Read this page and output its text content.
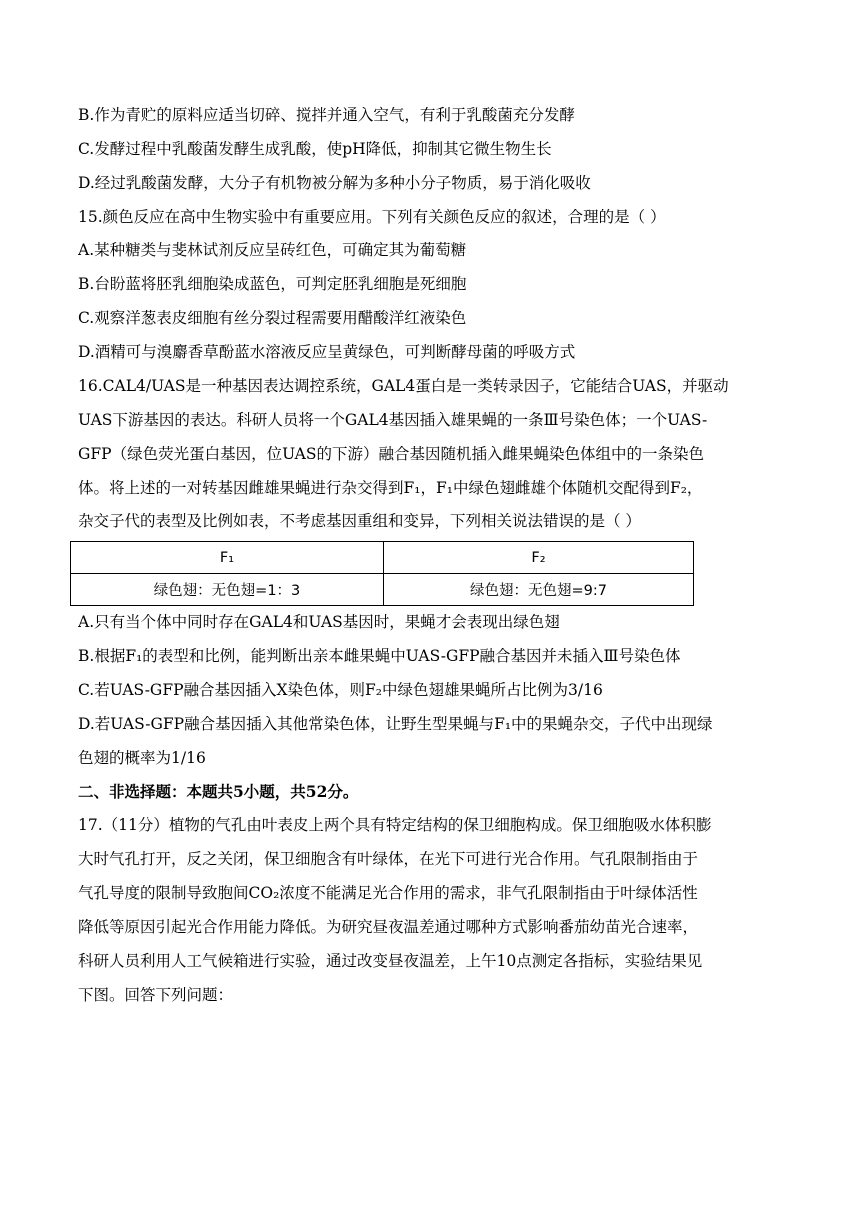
B.作为青贮的原料应适当切碎、搅拌并通入空气，有利于乳酸菌充分发酵
C.发酵过程中乳酸菌发酵生成乳酸，使pH降低，抑制其它微生物生长
D.经过乳酸菌发酵，大分子有机物被分解为多种小分子物质，易于消化吸收
15.颜色反应在高中生物实验中有重要应用。下列有关颜色反应的叙述，合理的是（ ）
A.某种糖类与斐林试剂反应呈砖红色，可确定其为葡萄糖
B.台盼蓝将胚乳细胞染成蓝色，可判定胚乳细胞是死细胞
C.观察洋葱表皮细胞有丝分裂过程需要用醋酸洋红液染色
D.酒精可与溴麝香草酚蓝水溶液反应呈黄绿色，可判断酵母菌的呼吸方式
16.CAL4/UAS是一种基因表达调控系统，GAL4蛋白是一类转录因子，它能结合UAS，并驱动
UAS下游基因的表达。科研人员将一个GAL4基因插入雄果蝇的一条Ⅲ号染色体；一个UAS-
GFP（绿色荧光蛋白基因，位UAS的下游）融合基因随机插入雌果蝇染色体组中的一条染色
体。将上述的一对转基因雌雄果蝇进行杂交得到F₁，F₁中绿色翅雌雄个体随机交配得到F₂，
杂交子代的表型及比例如表，不考虑基因重组和变异，下列相关说法错误的是（ ）
F₁	F₂
绿色翅：无色翅=1：3	绿色翅：无色翅=9:7
A.只有当个体中同时存在GAL4和UAS基因时，果蝇才会表现出绿色翅
B.根据F₁的表型和比例，能判断出亲本雌果蝇中UAS-GFP融合基因并未插入Ⅲ号染色体
C.若UAS-GFP融合基因插入X染色体，则F₂中绿色翅雄果蝇所占比例为3/16
D.若UAS-GFP融合基因插入其他常染色体，让野生型果蝇与F₁中的果蝇杂交，子代中出现绿
色翅的概率为1/16
二、非选择题：本题共5小题，共52分。
17.（11分）植物的气孔由叶表皮上两个具有特定结构的保卫细胞构成。保卫细胞吸水体积膨
大时气孔打开，反之关闭，保卫细胞含有叶绿体，在光下可进行光合作用。气孔限制指由于
气孔导度的限制导致胞间CO₂浓度不能满足光合作用的需求，非气孔限制指由于叶绿体活性
降低等原因引起光合作用能力降低。为研究昼夜温差通过哪种方式影响番茄幼苗光合速率，
科研人员利用人工气候箱进行实验，通过改变昼夜温差，上午10点测定各指标，实验结果见
下图。回答下列问题：
